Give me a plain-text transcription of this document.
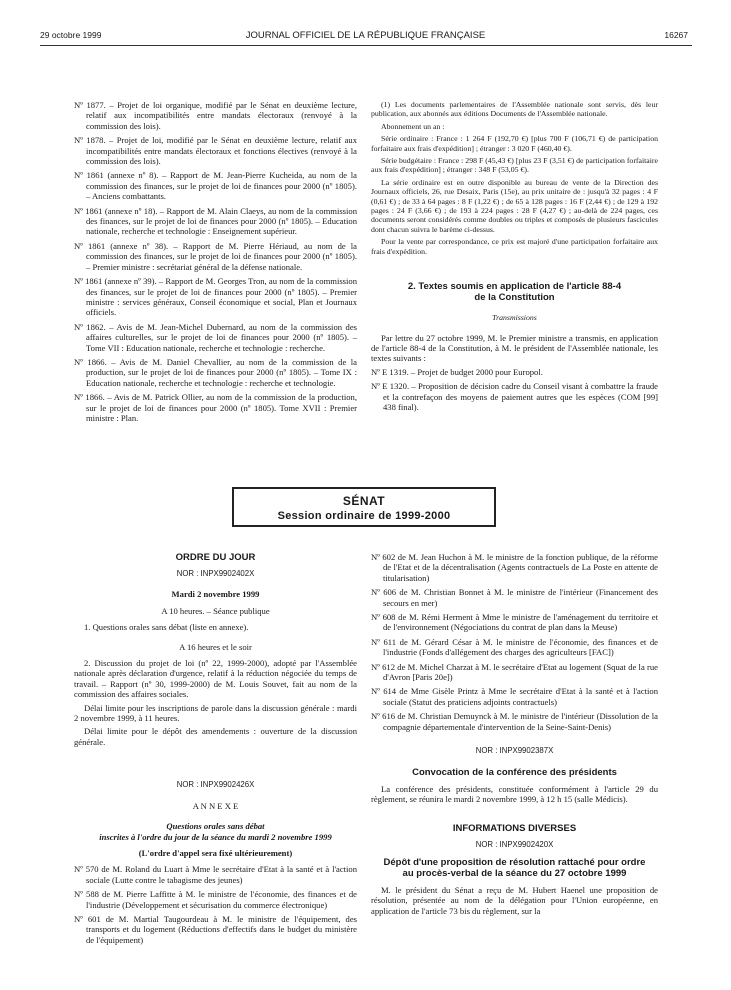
29 octobre 1999	JOURNAL OFFICIEL DE LA RÉPUBLIQUE FRANÇAISE	16267

Nº 1877. – Projet de loi organique, modifié par le Sénat en deuxième lecture, relatif aux incompatibilités entre mandats électoraux (renvoyé à la commission des lois).

Nº 1878. – Projet de loi, modifié par le Sénat en deuxième lecture, relatif aux incompatibilités entre mandats électoraux et fonctions électives (renvoyé à la commission des lois).

Nº 1861 (annexe nº 8). – Rapport de M. Jean-Pierre Kucheida, au nom de la commission des finances, sur le projet de loi de finances pour 2000 (nº 1805). – Anciens combattants.

Nº 1861 (annexe nº 18). – Rapport de M. Alain Claeys, au nom de la commission des finances, sur le projet de loi de finances pour 2000 (nº 1805). – Education nationale, recherche et technologie : Enseignement supérieur.

Nº 1861 (annexe nº 38). – Rapport de M. Pierre Hériaud, au nom de la commission des finances, sur le projet de loi de finances pour 2000 (nº 1805). – Premier ministre : secrétariat général de la défense nationale.

Nº 1861 (annexe nº 39). – Rapport de M. Georges Tron, au nom de la commission des finances, sur le projet de loi de finances pour 2000 (nº 1805). – Premier ministre : services généraux, Conseil économique et social, Plan et Journaux officiels.

Nº 1862. – Avis de M. Jean-Michel Dubernard, au nom de la commission des affaires culturelles, sur le projet de loi de finances pour 2000 (nº 1805). – Tome VII : Education nationale, recherche et technologie : recherche.

Nº 1866. – Avis de M. Daniel Chevallier, au nom de la commission de la production, sur le projet de loi de finances pour 2000 (nº 1805). – Tome IX : Education nationale, recherche et technologie : recherche et technologie.

Nº 1866. – Avis de M. Patrick Ollier, au nom de la commission de la production, sur le projet de loi de finances pour 2000 (nº 1805). Tome XVII : Premier ministre : Plan.

(1) Les documents parlementaires de l'Assemblée nationale sont servis, dès leur publication, aux abonnés aux éditions Documents de l'Assemblée nationale.

Abonnement un an :

Série ordinaire : France : 1 264 F (192,70 €) [plus 700 F (106,71 €) de participation forfaitaire aux frais d'expédition] ; étranger : 3 020 F (460,40 €).

Série budgétaire : France : 298 F (45,43 €) [plus 23 F (3,51 €) de participation forfaitaire aux frais d'expédition] ; étranger : 348 F (53,05 €).

La série ordinaire est en outre disponible au bureau de vente de la Direction des Journaux officiels, 26, rue Desaix, Paris (15e), au prix unitaire de : jusqu'à 32 pages : 4 F (0,61 €) ; de 33 à 64 pages : 8 F (1,22 €) ; de 65 à 128 pages : 16 F (2,44 €) ; de 129 à 192 pages : 24 F (3,66 €) ; de 193 à 224 pages : 28 F (4,27 €) ; au-delà de 224 pages, ces documents seront considérés comme doubles ou triples et composés de plusieurs fascicules dont chacun suivra le barème ci-dessus.

Pour la vente par correspondance, ce prix est majoré d'une participation forfaitaire aux frais d'expédition.

2. Textes soumis en application de l'article 88-4

de la Constitution

Transmissions

Par lettre du 27 octobre 1999, M. le Premier ministre a transmis, en application de l'article 88-4 de la Constitution, à M. le président de l'Assemblée nationale, les textes suivants :

Nº E 1319. – Projet de budget 2000 pour Europol.

Nº E 1320. – Proposition de décision cadre du Conseil visant à combattre la fraude et la contrefaçon des moyens de paiement autres que les espèces (COM [99] 438 final).

SÉNAT
Session ordinaire de 1999-2000

ORDRE DU JOUR

NOR : INPX9902402X

Mardi 2 novembre 1999

A 10 heures. – Séance publique

1. Questions orales sans débat (liste en annexe).

A 16 heures et le soir

2. Discussion du projet de loi (nº 22, 1999-2000), adopté par l'Assemblée nationale après déclaration d'urgence, relatif à la réduction négociée du temps de travail. – Rapport (nº 30, 1999-2000) de M. Louis Souvet, fait au nom de la commission des affaires sociales.

Délai limite pour les inscriptions de parole dans la discussion générale : mardi 2 novembre 1999, à 11 heures.

Délai limite pour le dépôt des amendements : ouverture de la discussion générale.

NOR : INPX9902426X

A N N E X E

Questions orales sans débat

inscrites à l'ordre du jour de la séance du mardi 2 novembre 1999

(L'ordre d'appel sera fixé ultérieurement)

Nº 570 de M. Roland du Luart à Mme le secrétaire d'Etat à la santé et à l'action sociale (Lutte contre le tabagisme des jeunes)

Nº 588 de M. Pierre Laffitte à M. le ministre de l'économie, des finances et de l'industrie (Développement et sécurisation du commerce électronique)

Nº 601 de M. Martial Taugourdeau à M. le ministre de l'équipement, des transports et du logement (Réductions d'effectifs dans le budget du ministère de l'équipement)

Nº 602 de M. Jean Huchon à M. le ministre de la fonction publique, de la réforme de l'Etat et de la décentralisation (Agents contractuels de La Poste en attente de titularisation)

Nº 606 de M. Christian Bonnet à M. le ministre de l'intérieur (Financement des secours en mer)

Nº 608 de M. Rémi Herment à Mme le ministre de l'aménagement du territoire et de l'environnement (Négociations du contrat de plan dans la Meuse)

Nº 611 de M. Gérard César à M. le ministre de l'économie, des finances et de l'industrie (Fonds d'allégement des charges des agriculteurs [FAC])

Nº 612 de M. Michel Charzat à M. le secrétaire d'Etat au logement (Squat de la rue d'Avron [Paris 20e])

Nº 614 de Mme Gisèle Printz à Mme le secrétaire d'Etat à la santé et à l'action sociale (Statut des praticiens adjoints contractuels)

Nº 616 de M. Christian Demuynck à M. le ministre de l'intérieur (Dissolution de la compagnie départementale d'intervention de la Seine-Saint-Denis)

NOR : INPX9902387X

Convocation de la conférence des présidents

La conférence des présidents, constituée conformément à l'article 29 du règlement, se réunira le mardi 2 novembre 1999, à 12 h 15 (salle Médicis).

INFORMATIONS DIVERSES

NOR : INPX9902420X

Dépôt d'une proposition de résolution rattaché pour ordre

au procès-verbal de la séance du 27 octobre 1999

M. le président du Sénat a reçu de M. Hubert Haenel une proposition de résolution, présentée au nom de la délégation pour l'Union européenne, en application de l'article 73 bis du règlement, sur la
